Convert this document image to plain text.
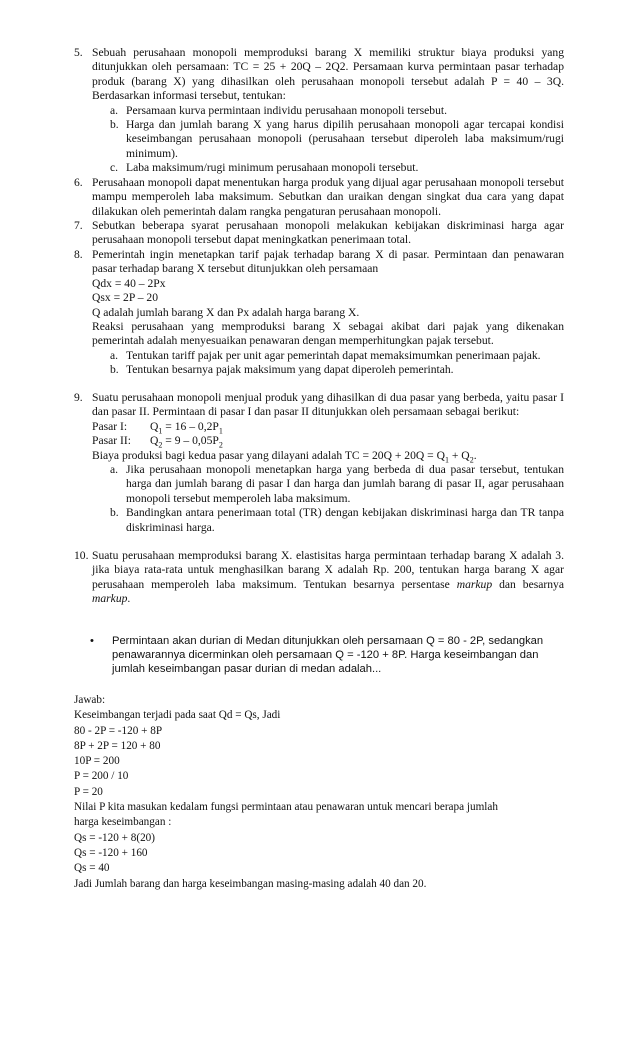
5. Sebuah perusahaan monopoli memproduksi barang X memiliki struktur biaya produksi yang ditunjukkan oleh persamaan: TC = 25 + 20Q – 2Q2. Persamaan kurva permintaan pasar terhadap produk (barang X) yang dihasilkan oleh perusahaan monopoli tersebut adalah P = 40 – 3Q. Berdasarkan informasi tersebut, tentukan:
a. Persamaan kurva permintaan individu perusahaan monopoli tersebut.
b. Harga dan jumlah barang X yang harus dipilih perusahaan monopoli agar tercapai kondisi keseimbangan perusahaan monopoli (perusahaan tersebut diperoleh laba maksimum/rugi minimum).
c. Laba maksimum/rugi minimum perusahaan monopoli tersebut.
6. Perusahaan monopoli dapat menentukan harga produk yang dijual agar perusahaan monopoli tersebut mampu memperoleh laba maksimum. Sebutkan dan uraikan dengan singkat dua cara yang dapat dilakukan oleh pemerintah dalam rangka pengaturan perusahaan monopoli.
7. Sebutkan beberapa syarat perusahaan monopoli melakukan kebijakan diskriminasi harga agar perusahaan monopoli tersebut dapat meningkatkan penerimaan total.
8. Pemerintah ingin menetapkan tarif pajak terhadap barang X di pasar. Permintaan dan penawaran pasar terhadap barang X tersebut ditunjukkan oleh persamaan
Qdx = 40 – 2Px
Qsx = 2P – 20
Q adalah jumlah barang X dan Px adalah harga barang X.
Reaksi perusahaan yang memproduksi barang X sebagai akibat dari pajak yang dikenakan pemerintah adalah menyesuaikan penawaran dengan memperhitungkan pajak tersebut.
a. Tentukan tariff pajak per unit agar pemerintah dapat memaksimumkan penerimaan pajak.
b. Tentukan besarnya pajak maksimum yang dapat diperoleh pemerintah.
9. Suatu perusahaan monopoli menjual produk yang dihasilkan di dua pasar yang berbeda, yaitu pasar I dan pasar II. Permintaan di pasar I dan pasar II ditunjukkan oleh persamaan sebagai berikut:
Pasar I: $Q_1 = 16 - 0,2P_1$
Pasar II: $Q_2 = 9 - 0,05P_2$
Biaya produksi bagi kedua pasar yang dilayani adalah TC = $20Q + 20Q = Q_1 + Q_2$.
a. Jika perusahaan monopoli menetapkan harga yang berbeda di dua pasar tersebut, tentukan harga dan jumlah barang di pasar I dan harga dan jumlah barang di pasar II, agar perusahaan monopoli tersebut memperoleh laba maksimum.
b. Bandingkan antara penerimaan total (TR) dengan kebijakan diskriminasi harga dan TR tanpa diskriminasi harga.
10. Suatu perusahaan memproduksi barang X. elastisitas harga permintaan terhadap barang X adalah 3. jika biaya rata-rata untuk menghasilkan barang X adalah Rp. 200, tentukan harga barang X agar perusahaan memperoleh laba maksimum. Tentukan besarnya persentase markup dan besarnya markup.
• Permintaan akan durian di Medan ditunjukkan oleh persamaan Q = 80 - 2P, sedangkan penawarannya dicerminkan oleh persamaan Q = -120 + 8P. Harga keseimbangan dan jumlah keseimbangan pasar durian di medan adalah...
Jawab:
Keseimbangan terjadi pada saat Qd = Qs, Jadi
80 - 2P = -120 + 8P
8P + 2P = 120 + 80
10P = 200
P = 200 / 10
P = 20
Nilai P kita masukan kedalam fungsi permintaan atau penawaran untuk mencari berapa jumlah
harga keseimbangan :
Qs = -120 + 8(20)
Qs = -120 + 160
Qs = 40
Jadi Jumlah barang dan harga keseimbangan masing-masing adalah 40 dan 20.
